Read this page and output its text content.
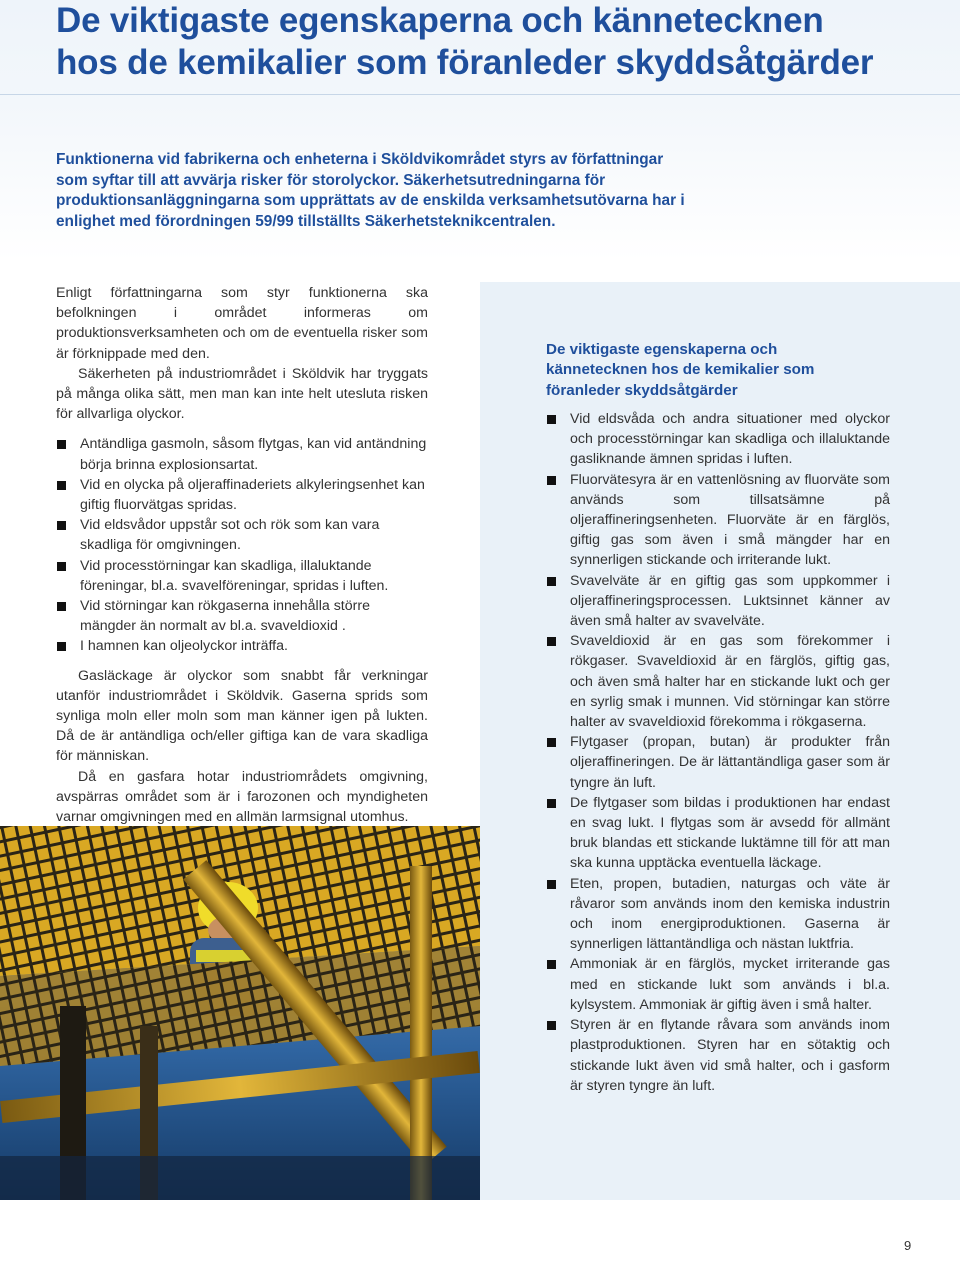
De viktigaste egenskaperna och kännetecknen
hos de kemikalier som föranleder skyddsåtgärder

Funktionerna vid fabrikerna och enheterna i Sköldvikområdet styrs av författningar som syftar till att avvärja risker för storolyckor. Säkerhetsutredningarna för produktionsanläggningarna som upprättats av de enskilda verksamhetsutövarna har i enlighet med förordningen 59/99 tillställts Säkerhetsteknikcentralen.

Enligt författningarna som styr funktionerna ska befolkningen i området informeras om produktionsverksamheten och om de eventuella risker som är förknippade med den.

Säkerheten på industriområdet i Sköldvik har tryggats på många olika sätt, men man kan inte helt utesluta risken för allvarliga olyckor.

Antändliga gasmoln, såsom flytgas, kan vid antändning börja brinna explosionsartat.
Vid en olycka på oljeraffinaderiets alkyleringsenhet kan giftig fluorvätgas spridas.
Vid eldsvådor uppstår sot och rök som kan vara skadliga för omgivningen.
Vid processtörningar kan skadliga, illaluktande föreningar, bl.a. svavelföreningar, spridas i luften.
Vid störningar kan rökgaserna innehålla större mängder än normalt av bl.a. svaveldioxid .
I hamnen kan oljeolyckor inträffa.

Gasläckage är olyckor som snabbt får verkningar utanför industriområdet i Sköldvik. Gaserna sprids som synliga moln eller moln som man känner igen på lukten. Då de är antändliga och/eller giftiga kan de vara skadliga för människan.

Då en gasfara hotar industriområdets omgivning, avspärras området som är i farozonen och myndigheten varnar omgivningen med en allmän larmsignal utomhus.

De viktigaste egenskaperna och kännetecknen hos de kemikalier som föranleder skyddsåtgärder
Vid eldsvåda och andra situationer med olyckor och processtörningar kan skadliga och illaluktande gasliknande ämnen spridas i luften.
Fluorvätesyra är en vattenlösning av fluorväte som används som tillsatsämne på oljeraffineringsenheten. Fluorväte är en färglös, giftig gas som även i små mängder har en synnerligen stickande och irriterande lukt.
Svavelväte är en giftig gas som uppkommer i oljeraffineringsprocessen. Luktsinnet känner av även små halter av svavelväte.
Svaveldioxid är en gas som förekommer i rökgaser. Svaveldioxid är en färglös, giftig gas, och även små halter har en stickande lukt och ger en syrlig smak i munnen. Vid störningar kan större halter av svaveldioxid förekomma i rökgaserna.
Flytgaser (propan, butan) är produkter från oljeraffineringen. De är lättantändliga gaser som är tyngre än luft.
De flytgaser som bildas i produktionen har endast en svag lukt. I flytgas som är avsedd för allmänt bruk blandas ett stickande luktämne till för att man ska kunna upptäcka eventuella läckage.
Eten, propen, butadien, naturgas och väte är råvaror som används inom den kemiska industrin och inom energiproduktionen. Gaserna är synnerligen lättantändliga och nästan luktfria.
Ammoniak är en färglös, mycket irriterande gas med en stickande lukt som används i bl.a. kylsystem. Ammoniak är giftig även i små halter.
Styren är en flytande råvara som används inom plastproduktionen. Styren har en sötaktig och stickande lukt även vid små halter, och i gasform är styren tyngre än luft.
9
